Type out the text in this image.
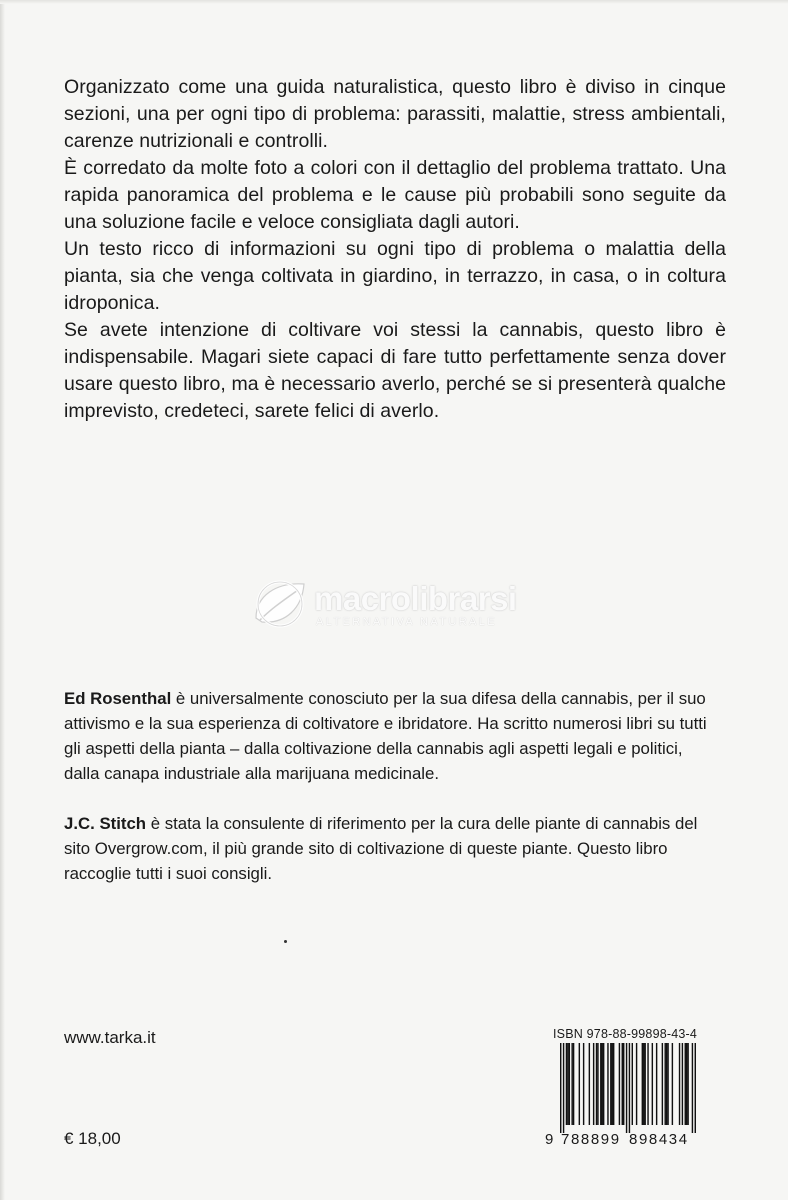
Organizzato come una guida naturalistica, questo libro è diviso in cinque sezioni, una per ogni tipo di problema: parassiti, malattie, stress ambientali, carenze nutrizionali e controlli.

È corredato da molte foto a colori con il dettaglio del problema trattato. Una rapida panoramica del problema e le cause più probabili sono seguite da una soluzione facile e veloce consigliata dagli autori.

Un testo ricco di informazioni su ogni tipo di problema o malattia della pianta, sia che venga coltivata in giardino, in terrazzo, in casa, o in coltura idroponica.

Se avete intenzione di coltivare voi stessi la cannabis, questo libro è indispensabile. Magari siete capaci di fare tutto perfettamente senza dover usare questo libro, ma è necessario averlo, perché se si presenterà qualche imprevisto, credeteci, sarete felici di averlo.

macrolibrarsi
ALTERNATIVA NATURALE

Ed Rosenthal è universalmente conosciuto per la sua difesa della cannabis, per il suo attivismo e la sua esperienza di coltivatore e ibridatore. Ha scritto numerosi libri su tutti gli aspetti della pianta – dalla coltivazione della cannabis agli aspetti legali e politici, dalla canapa industriale alla marijuana medicinale.

J.C. Stitch è stata la consulente di riferimento per la cura delle piante di cannabis del sito Overgrow.com, il più grande sito di coltivazione di queste piante. Questo libro raccoglie tutti i suoi consigli.

www.tarka.it
€ 18,00
ISBN 978-88-99898-43-4
9 788899 898434
